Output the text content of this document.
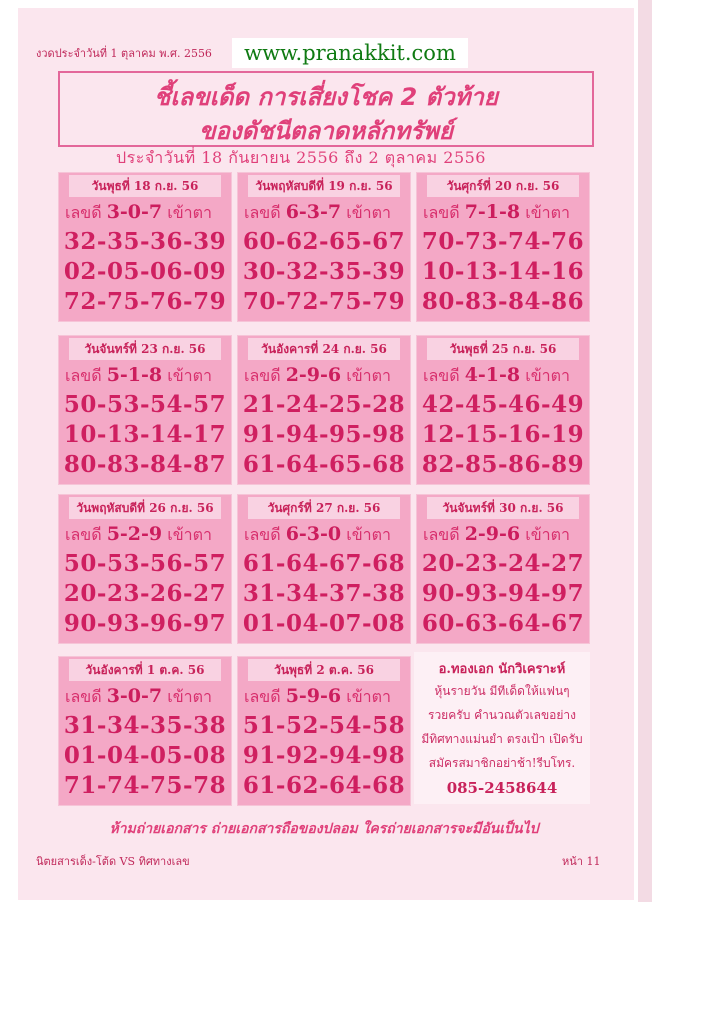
งวดประจำวันที่ 1 ตุลาคม พ.ศ. 2556	www.pranakkit.com
ชี้เลขเด็ด การเสี่ยงโชค 2 ตัวท้าย
ของดัชนีตลาดหลักทรัพย์
ประจำวันที่ 18 กันยายน 2556 ถึง 2 ตุลาคม 2556
วันพุธที่ 18 ก.ย. 56
เลขดี 3-0-7 เข้าตา
32-35-36-39
02-05-06-09
72-75-76-79
วันพฤหัสบดีที่ 19 ก.ย. 56
เลขดี 6-3-7 เข้าตา
60-62-65-67
30-32-35-39
70-72-75-79
วันศุกร์ที่ 20 ก.ย. 56
เลขดี 7-1-8 เข้าตา
70-73-74-76
10-13-14-16
80-83-84-86
วันจันทร์ที่ 23 ก.ย. 56
เลขดี 5-1-8 เข้าตา
50-53-54-57
10-13-14-17
80-83-84-87
วันอังคารที่ 24 ก.ย. 56
เลขดี 2-9-6 เข้าตา
21-24-25-28
91-94-95-98
61-64-65-68
วันพุธที่ 25 ก.ย. 56
เลขดี 4-1-8 เข้าตา
42-45-46-49
12-15-16-19
82-85-86-89
วันพฤหัสบดีที่ 26 ก.ย. 56
เลขดี 5-2-9 เข้าตา
50-53-56-57
20-23-26-27
90-93-96-97
วันศุกร์ที่ 27 ก.ย. 56
เลขดี 6-3-0 เข้าตา
61-64-67-68
31-34-37-38
01-04-07-08
วันจันทร์ที่ 30 ก.ย. 56
เลขดี 2-9-6 เข้าตา
20-23-24-27
90-93-94-97
60-63-64-67
วันอังคารที่ 1 ต.ค. 56
เลขดี 3-0-7 เข้าตา
31-34-35-38
01-04-05-08
71-74-75-78
วันพุธที่ 2 ต.ค. 56
เลขดี 5-9-6 เข้าตา
51-52-54-58
91-92-94-98
61-62-64-68
อ.ทองเอก นักวิเคราะห์
หุ้นรายวัน มีทีเด็ดให้แฟนๆ
รวยครับ คำนวณตัวเลขอย่าง
มีทิศทางแม่นยำ ตรงเป้า เปิดรับ
สมัครสมาชิกอย่าช้า!รีบโทร.
085-2458644
ห้ามถ่ายเอกสาร ถ่ายเอกสารถือของปลอม ใครถ่ายเอกสารจะมีอันเป็นไป
นิตยสารเด็ง-โต้ด VS ทิศทางเลข	หน้า 11
